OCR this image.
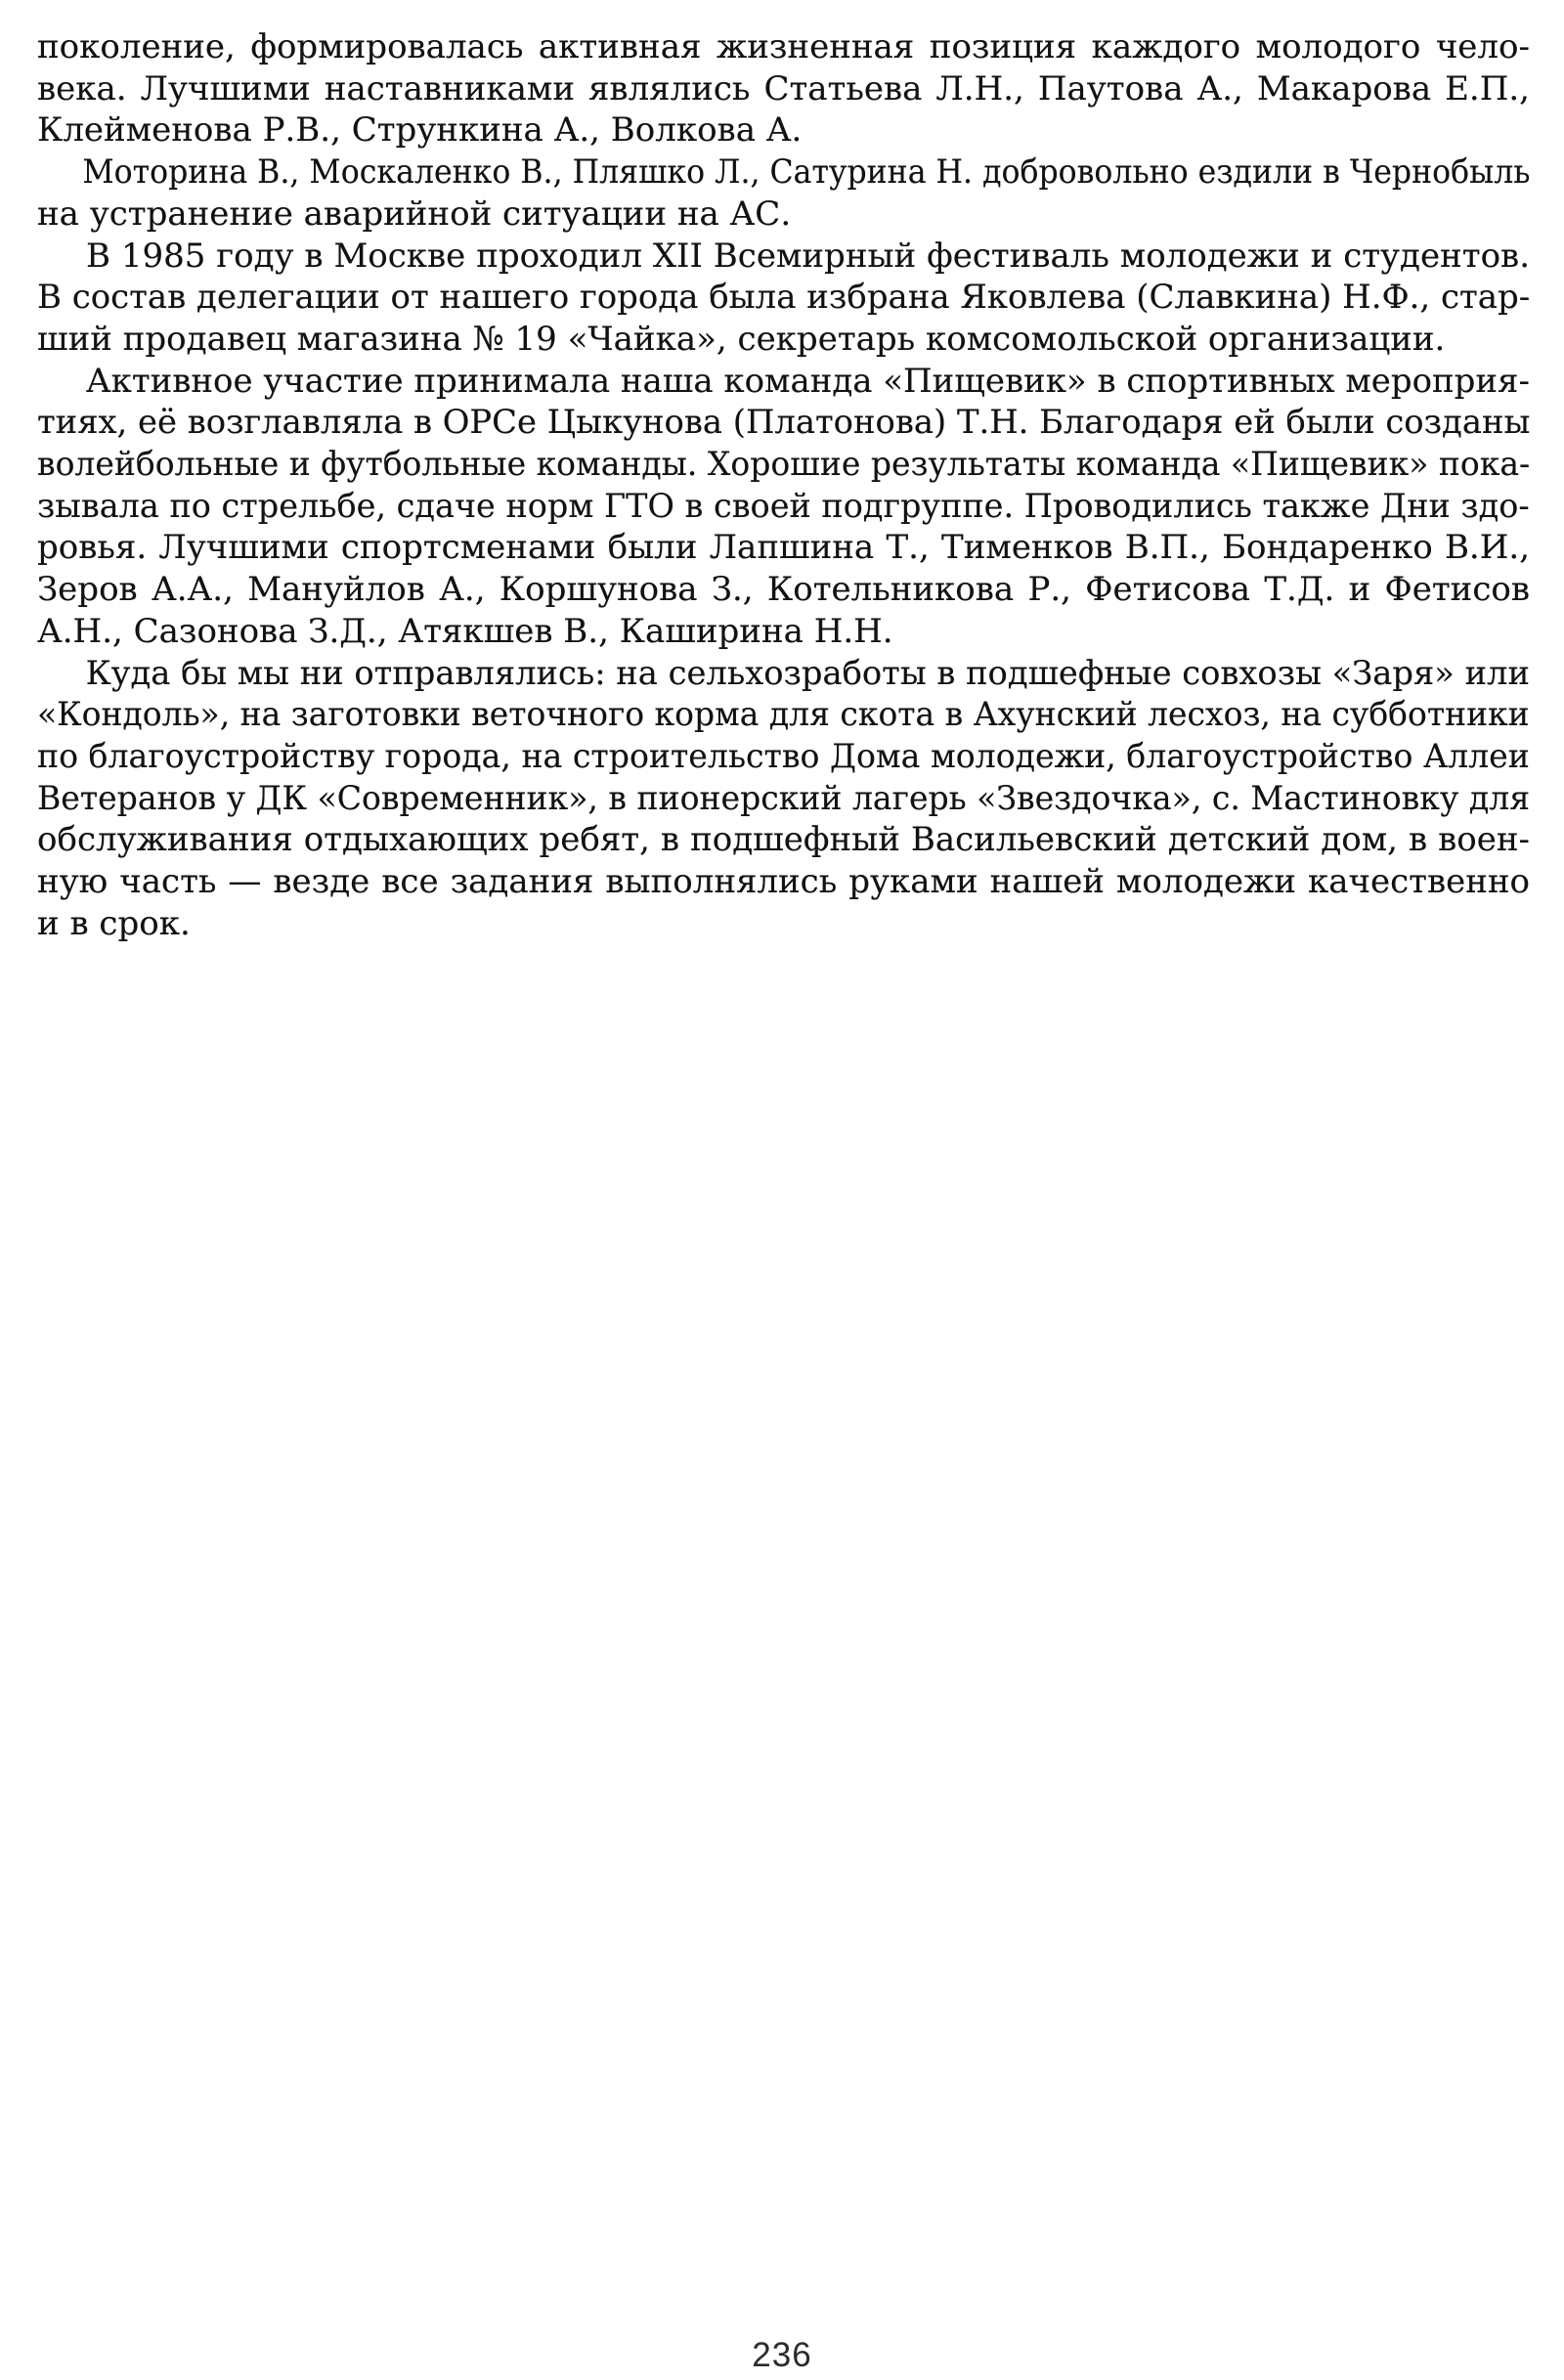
поколение, формировалась активная жизненная позиция каждого молодого чело-
века. Лучшими наставниками являлись Статьева Л.Н., Паутова А., Макарова Е.П.,
Клейменова Р.В., Стрункина А., Волкова А.
Моторина В., Москаленко В., Пляшко Л., Сатурина Н. добровольно ездили в Чернобыль
на устранение аварийной ситуации на АС.
В 1985 году в Москве проходил XII Всемирный фестиваль молодежи и студентов.
В состав делегации от нашего города была избрана Яковлева (Славкина) Н.Ф., стар-
ший продавец магазина № 19 «Чайка», секретарь комсомольской организации.
Активное участие принимала наша команда «Пищевик» в спортивных мероприя-
тиях, её возглавляла в ОРСе Цыкунова (Платонова) Т.Н. Благодаря ей были созданы
волейбольные и футбольные команды. Хорошие результаты команда «Пищевик» пока-
зывала по стрельбе, сдаче норм ГТО в своей подгруппе. Проводились также Дни здо-
ровья. Лучшими спортсменами были Лапшина Т., Тименков В.П., Бондаренко В.И.,
Зеров А.А., Мануйлов А., Коршунова З., Котельникова Р., Фетисова Т.Д. и Фетисов
А.Н., Сазонова З.Д., Атякшев В., Каширина Н.Н.
Куда бы мы ни отправлялись: на сельхозработы в подшефные совхозы «Заря» или
«Кондоль», на заготовки веточного корма для скота в Ахунский лесхоз, на субботники
по благоустройству города, на строительство Дома молодежи, благоустройство Аллеи
Ветеранов у ДК «Современник», в пионерский лагерь «Звездочка», с. Мастиновку для
обслуживания отдыхающих ребят, в подшефный Васильевский детский дом, в воен-
ную часть — везде все задания выполнялись руками нашей молодежи качественно
и в срок.
236
